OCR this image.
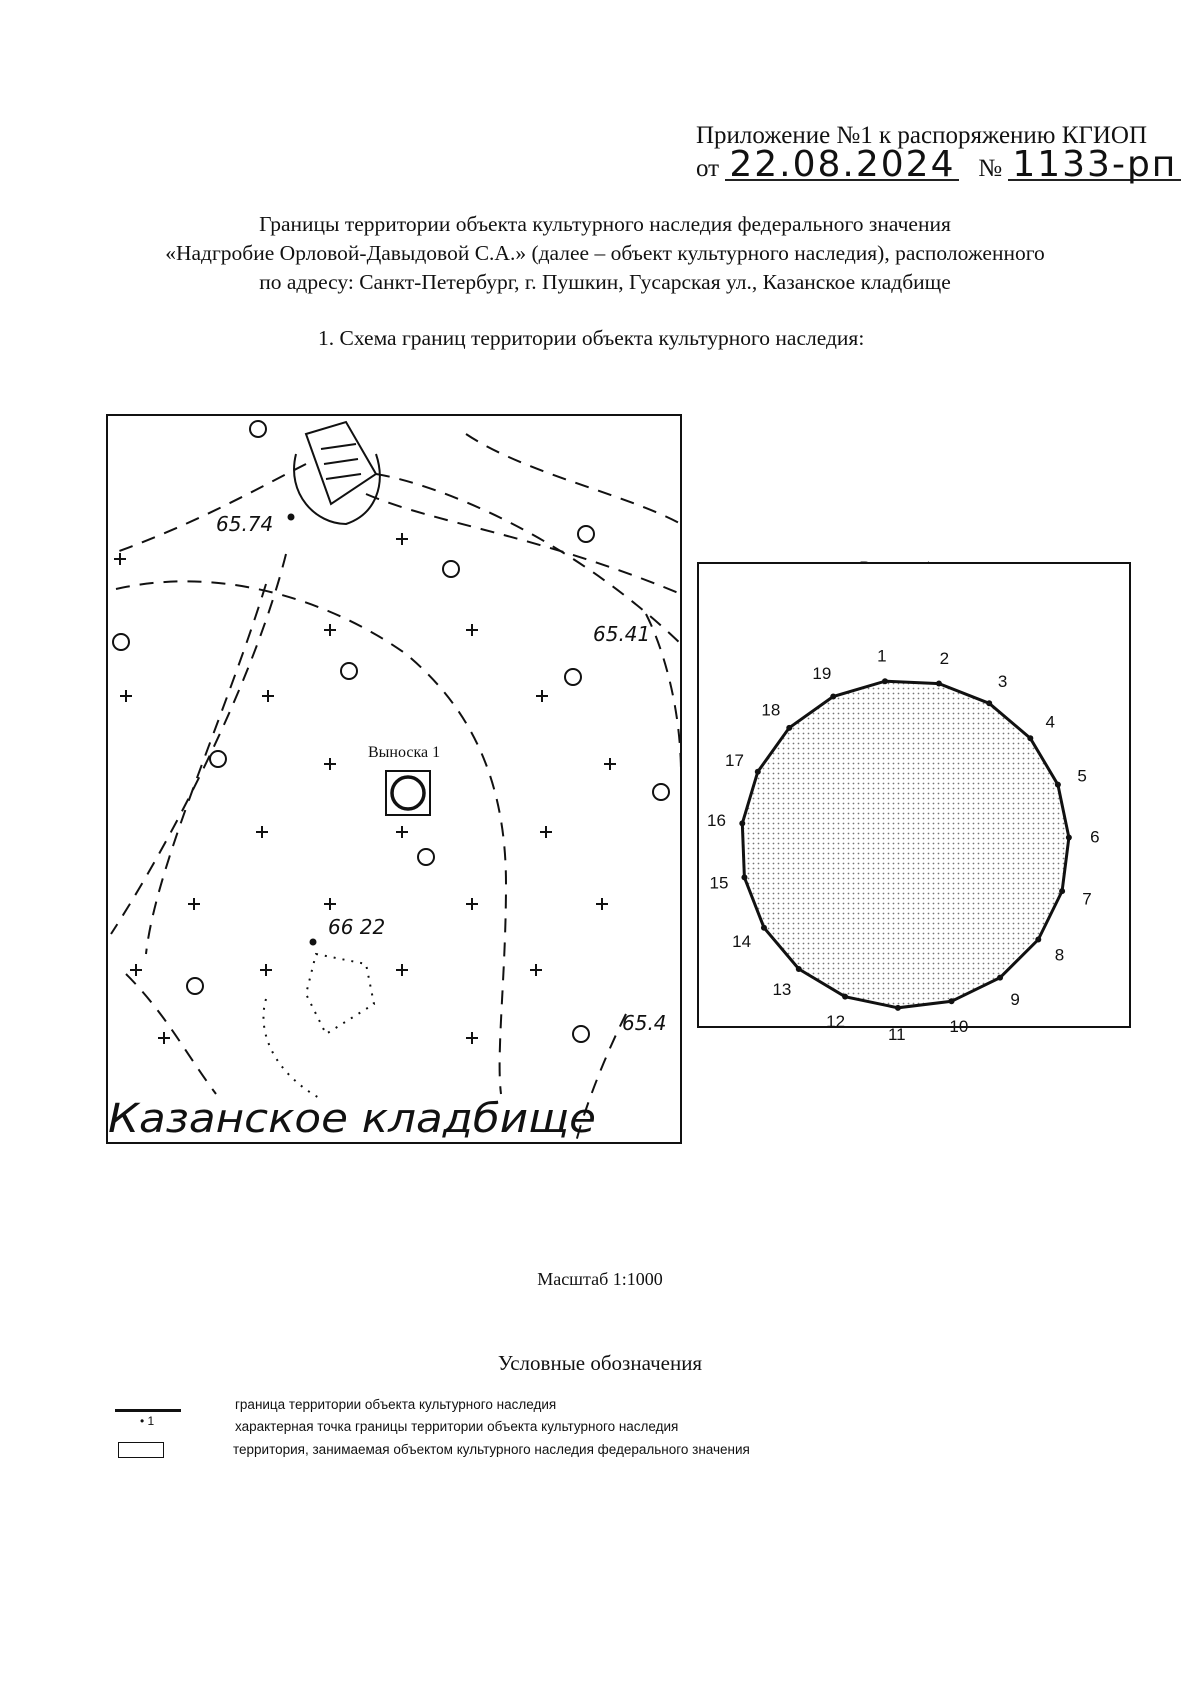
Приложение №1 к распоряжению КГИОП
от 22.08.2024 № 1133-рп
Границы территории объекта культурного наследия федерального значения
«Надгробие Орловой-Давыдовой С.А.» (далее – объект культурного наследия), расположенного
по адресу: Санкт-Петербург, г. Пушкин, Гусарская ул., Казанское кладбище
1. Схема границ территории объекта культурного наследия:
Выноска 1
65.74
65.41
66 22
65.4
Казанское кладбище
1	2
3
4
5
6
7
8
9
10
11
12
13
14
15
16
17
18
19
Масштаб 1:1000
Условные обозначения
• 1
граница территории объекта культурного наследия
характерная точка границы территории объекта культурного наследия
территория, занимаемая объектом культурного наследия федерального значения
